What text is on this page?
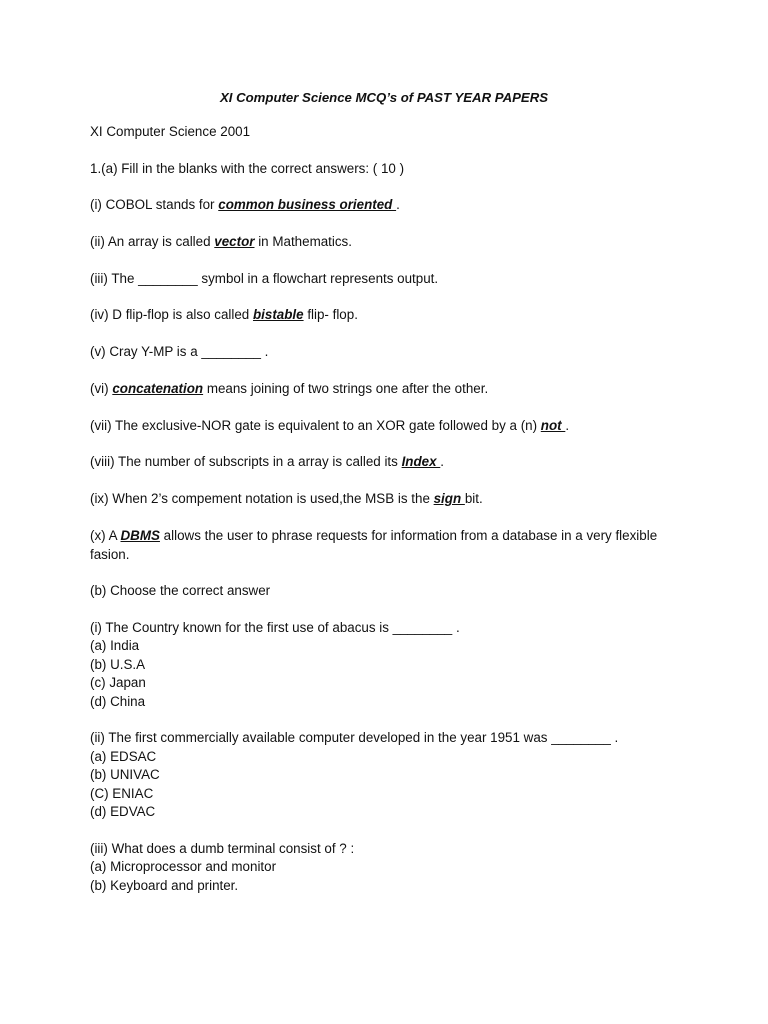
XI Computer Science MCQ’s of PAST YEAR PAPERS
XI Computer Science 2001
1.(a) Fill in the blanks with the correct answers: ( 10 )
(i) COBOL stands for common business oriented .
(ii) An array is called vector in Mathematics.
(iii) The ________ symbol in a flowchart represents output.
(iv) D flip-flop is also called bistable flip- flop.
(v) Cray Y-MP is a ________ .
(vi) concatenation means joining of two strings one after the other.
(vii) The exclusive-NOR gate is equivalent to an XOR gate followed by a (n) not .
(viii) The number of subscripts in a array is called its Index .
(ix) When 2’s compement notation is used,the MSB is the sign bit.
(x) A DBMS allows the user to phrase requests for information from a database in a very flexible fasion.
(b) Choose the correct answer
(i) The Country known for the first use of abacus is ________ .
(a) India
(b) U.S.A
(c) Japan
(d) China
(ii) The first commercially available computer developed in the year 1951 was ________ .
(a) EDSAC
(b) UNIVAC
(C) ENIAC
(d) EDVAC
(iii) What does a dumb terminal consist of ? :
(a) Microprocessor and monitor
(b) Keyboard and printer.
